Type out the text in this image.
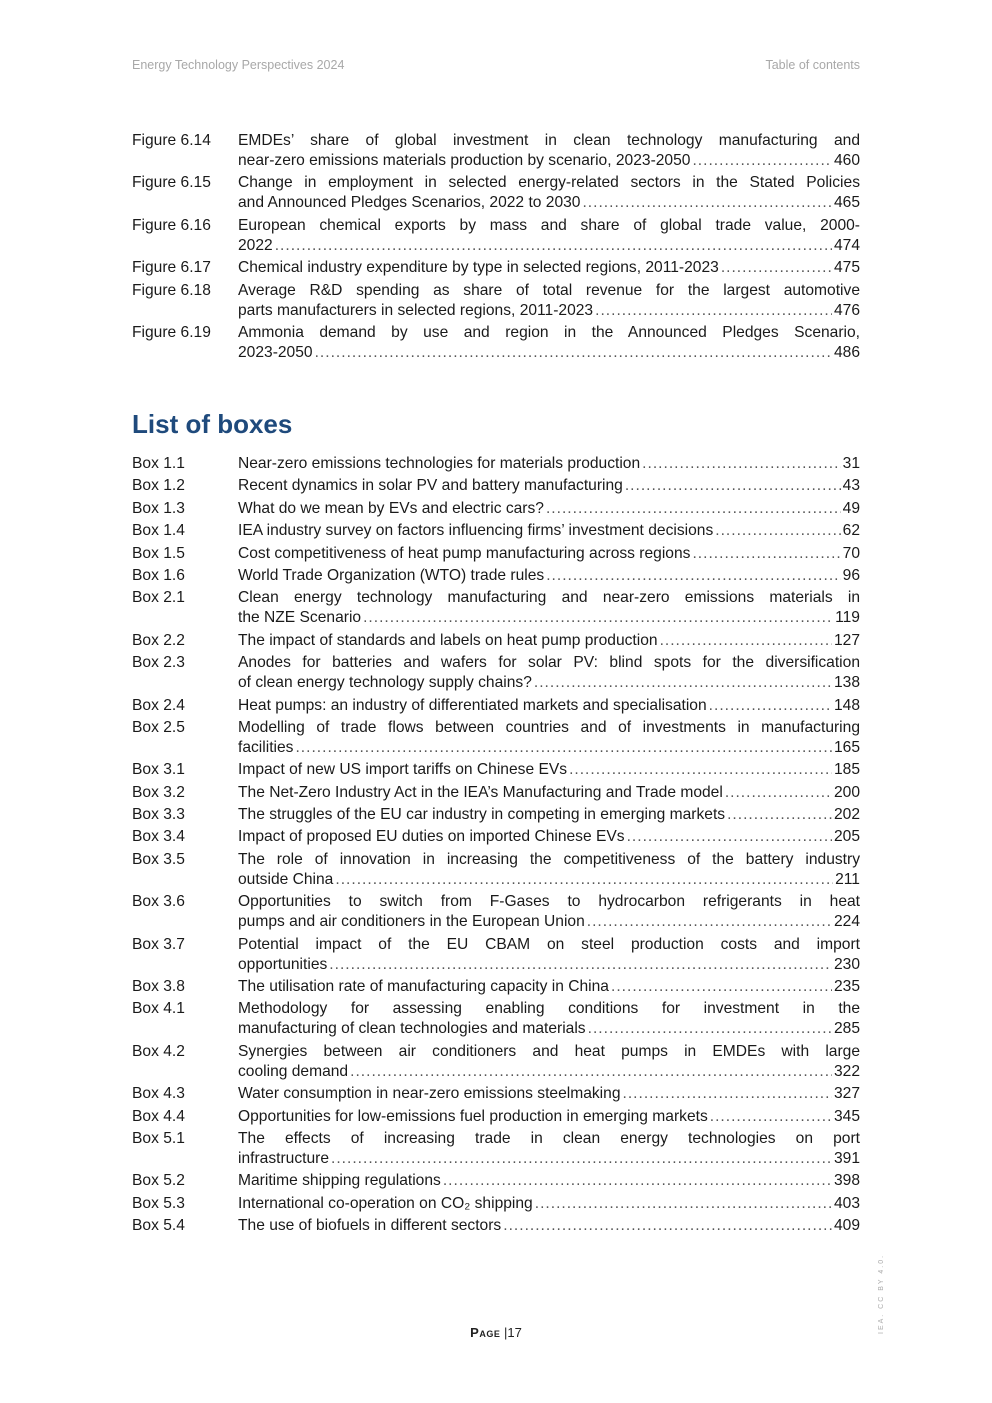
Energy Technology Perspectives 2024	Table of contents
Figure 6.14 EMDEs’ share of global investment in clean technology manufacturing and
near-zero emissions materials production by scenario, 2023-2050 .....	460
Figure 6.15 Change in employment in selected energy-related sectors in the Stated Policies
and Announced Pledges Scenarios, 2022 to 2030 .....	465
Figure 6.16 European chemical exports by mass and share of global trade value, 2000-
2022 .....	474
Figure 6.17 Chemical industry expenditure by type in selected regions, 2011-2023 .....	475
Figure 6.18 Average R&D spending as share of total revenue for the largest automotive
parts manufacturers in selected regions, 2011-2023 .....	476
Figure 6.19 Ammonia demand by use and region in the Announced Pledges Scenario,
2023-2050 .....	486
List of boxes
Box 1.1	Near-zero emissions technologies for materials production .....	31
Box 1.2	Recent dynamics in solar PV and battery manufacturing .....	43
Box 1.3	What do we mean by EVs and electric cars? .....	49
Box 1.4	IEA industry survey on factors influencing firms’ investment decisions .....	62
Box 1.5	Cost competitiveness of heat pump manufacturing across regions .....	70
Box 1.6	World Trade Organization (WTO) trade rules .....	96
Box 2.1	Clean energy technology manufacturing and near-zero emissions materials in
the NZE Scenario .....	119
Box 2.2	The impact of standards and labels on heat pump production .....	127
Box 2.3	Anodes for batteries and wafers for solar PV: blind spots for the diversification
of clean energy technology supply chains? .....	138
Box 2.4	Heat pumps: an industry of differentiated markets and specialisation .....	148
Box 2.5	Modelling of trade flows between countries and of investments in manufacturing
facilities .....	165
Box 3.1	Impact of new US import tariffs on Chinese EVs .....	185
Box 3.2	The Net-Zero Industry Act in the IEA’s Manufacturing and Trade model .....	200
Box 3.3	The struggles of the EU car industry in competing in emerging markets .....	202
Box 3.4	Impact of proposed EU duties on imported Chinese EVs .....	205
Box 3.5	The role of innovation in increasing the competitiveness of the battery industry
outside China .....	211
Box 3.6	Opportunities to switch from F-Gases to hydrocarbon refrigerants in heat
pumps and air conditioners in the European Union .....	224
Box 3.7	Potential impact of the EU CBAM on steel production costs and import
opportunities .....	230
Box 3.8	The utilisation rate of manufacturing capacity in China .....	235
Box 4.1	Methodology for assessing enabling conditions for investment in the
manufacturing of clean technologies and materials .....	285
Box 4.2	Synergies between air conditioners and heat pumps in EMDEs with large
cooling demand .....	322
Box 4.3	Water consumption in near-zero emissions steelmaking .....	327
Box 4.4	Opportunities for low-emissions fuel production in emerging markets .....	345
Box 5.1	The effects of increasing trade in clean energy technologies on port
infrastructure .....	391
Box 5.2	Maritime shipping regulations .....	398
Box 5.3	International co-operation on CO₂ shipping .....	403
Box 5.4	The use of biofuels in different sectors .....	409
Page |17	IEA. CC BY 4.0.
